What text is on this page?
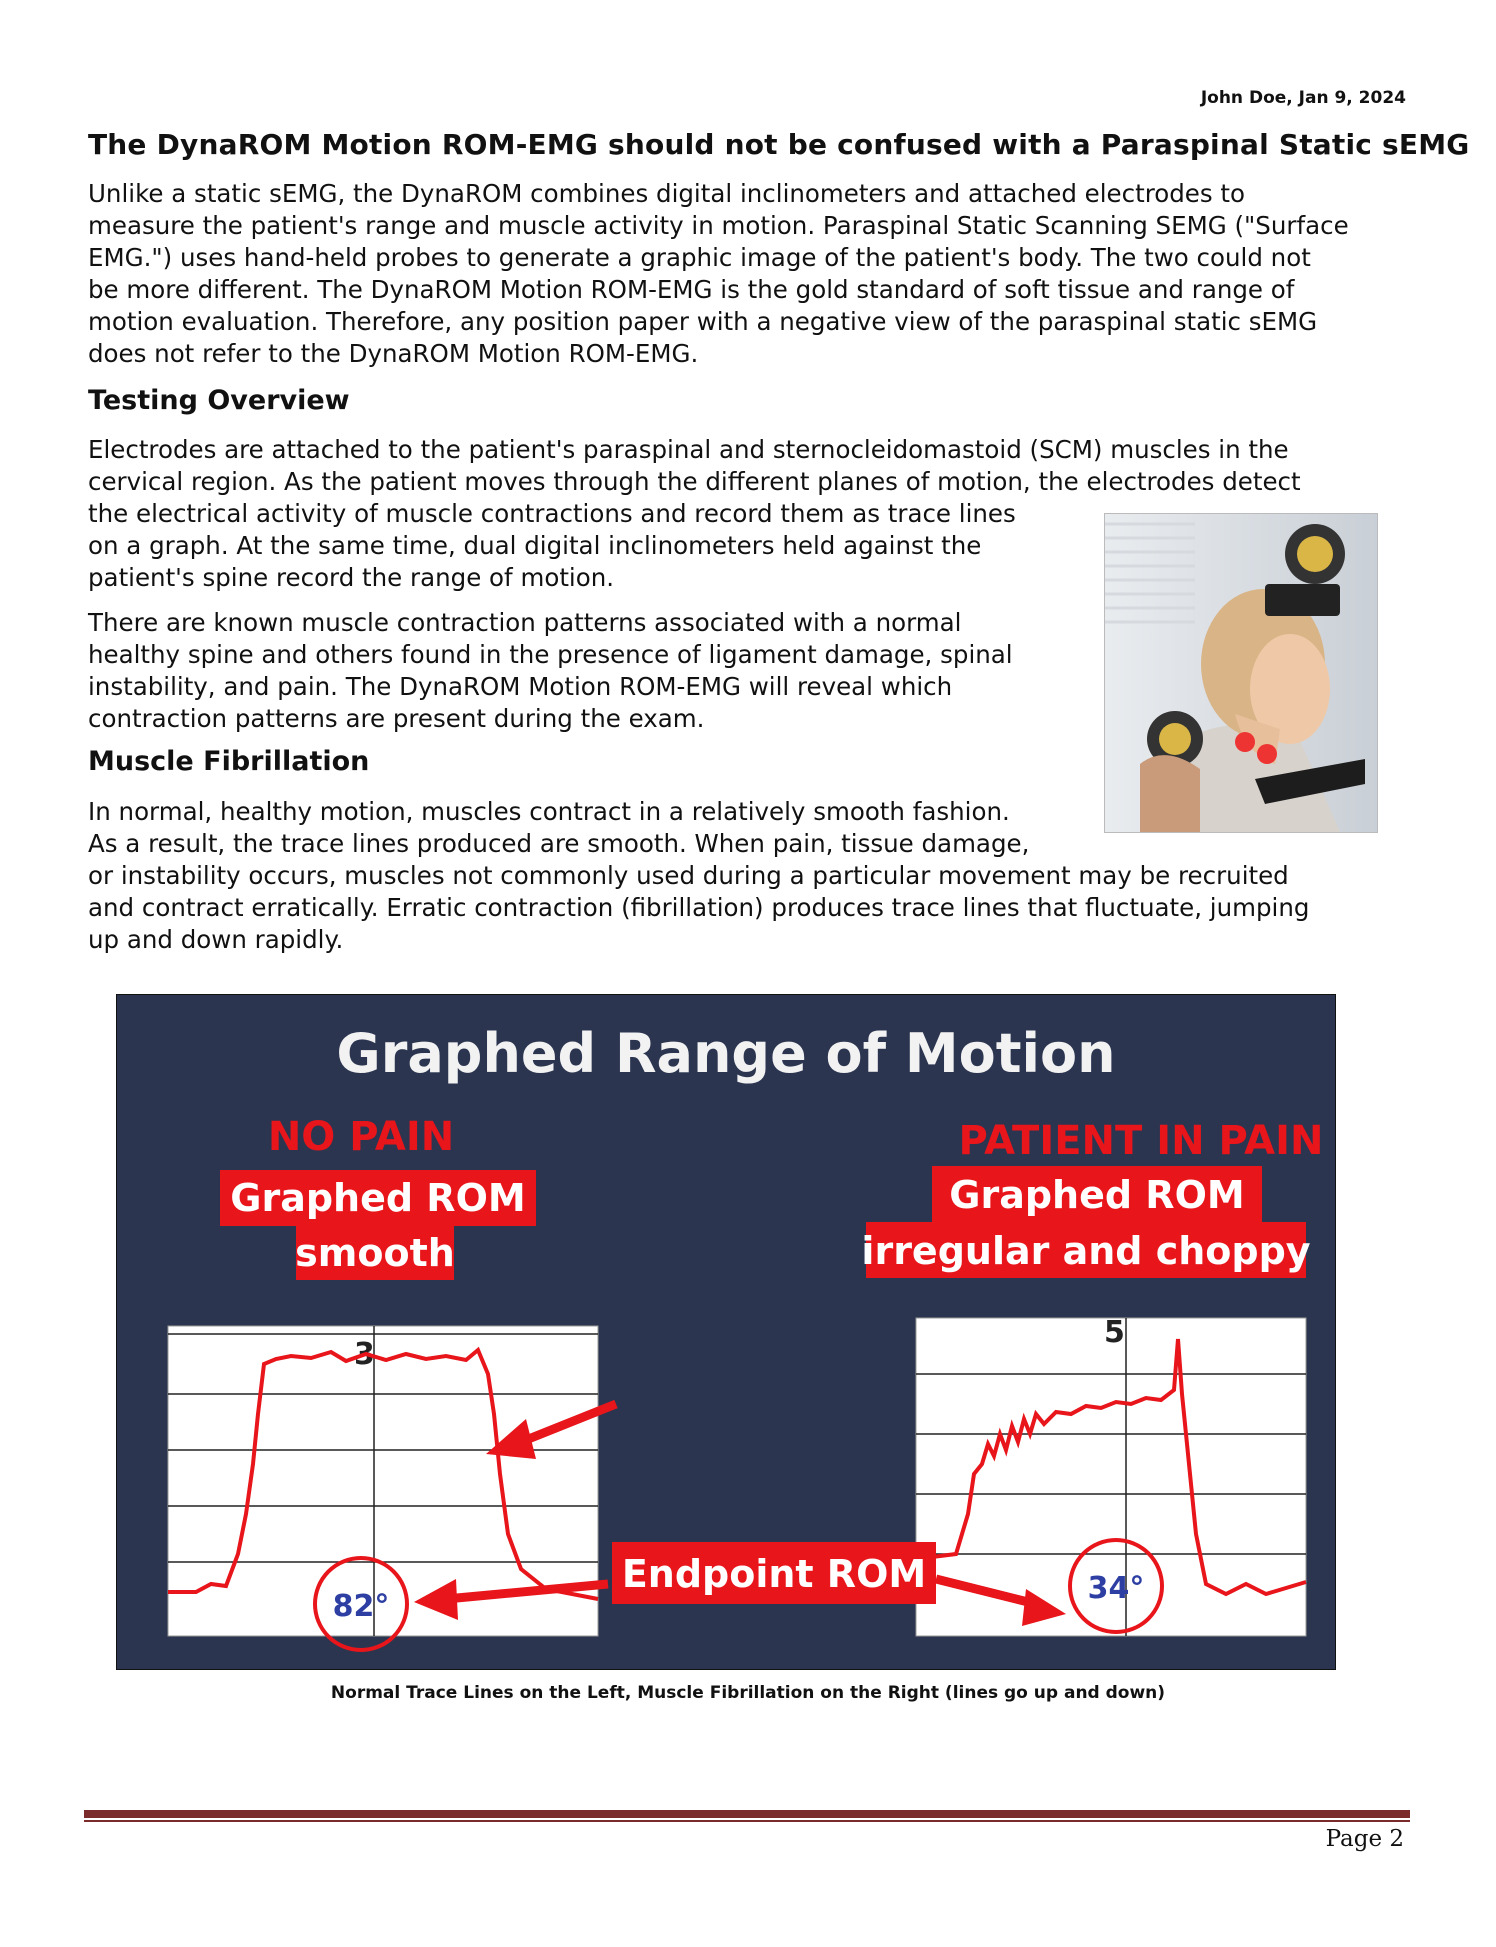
John Doe, Jan 9, 2024
The DynaROM Motion ROM-EMG should not be confused with a Paraspinal Static sEMG
Unlike a static sEMG, the DynaROM combines digital inclinometers and attached electrodes to
measure the patient's range and muscle activity in motion. Paraspinal Static Scanning SEMG ("Surface
EMG.") uses hand-held probes to generate a graphic image of the patient's body. The two could not
be more different. The DynaROM Motion ROM-EMG is the gold standard of soft tissue and range of
motion evaluation. Therefore, any position paper with a negative view of the paraspinal static sEMG
does not refer to the DynaROM Motion ROM-EMG.
Testing Overview
Electrodes are attached to the patient's paraspinal and sternocleidomastoid (SCM) muscles in the
cervical region. As the patient moves through the different planes of motion, the electrodes detect
the electrical activity of muscle contractions and record them as trace lines
on a graph. At the same time, dual digital inclinometers held against the
patient's spine record the range of motion.
There are known muscle contraction patterns associated with a normal
healthy spine and others found in the presence of ligament damage, spinal
instability, and pain. The DynaROM Motion ROM-EMG will reveal which
contraction patterns are present during the exam.
Muscle Fibrillation
In normal, healthy motion, muscles contract in a relatively smooth fashion.
As a result, the trace lines produced are smooth. When pain, tissue damage,
or instability occurs, muscles not commonly used during a particular movement may be recruited
and contract erratically. Erratic contraction (fibrillation) produces trace lines that fluctuate, jumping
up and down rapidly.
Graphed Range of Motion
NO PAIN
Graphed ROM
smooth
PATIENT IN PAIN
Graphed ROM
irregular and choppy
3
82°
5
34°
Endpoint ROM
Normal Trace Lines on the Left, Muscle Fibrillation on the Right (lines go up and down)
Page 2
